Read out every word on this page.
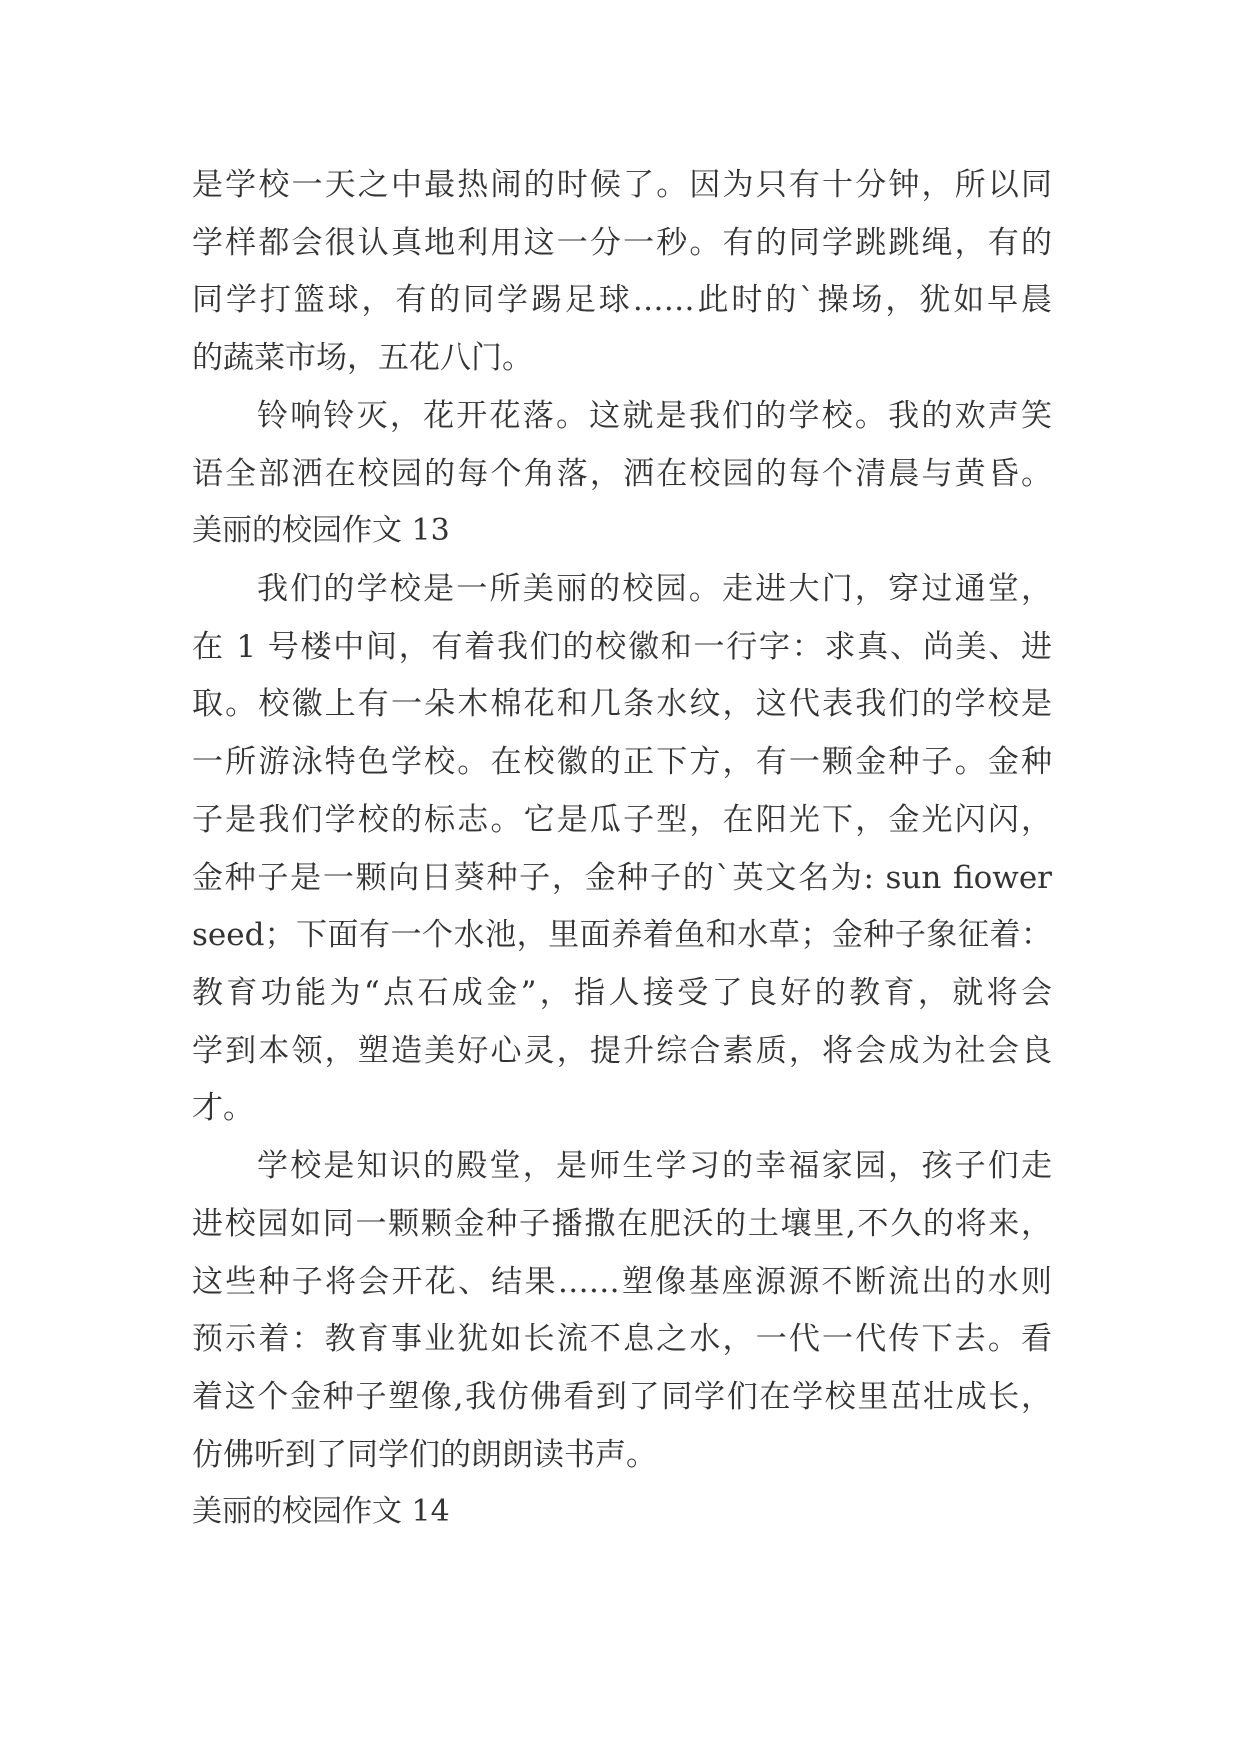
是学校一天之中最热闹的时候了。因为只有十分钟，所以同

学样都会很认真地利用这一分一秒。有的同学跳跳绳，有的

同学打篮球，有的同学踢足球……此时的`操场，犹如早晨

的蔬菜市场，五花八门。

铃响铃灭，花开花落。这就是我们的学校。我的欢声笑

语全部洒在校园的每个角落，洒在校园的每个清晨与黄昏。

美丽的校园作文 13

我们的学校是一所美丽的校园。走进大门，穿过通堂，

在 1 号楼中间，有着我们的校徽和一行字：求真、尚美、进

取。校徽上有一朵木棉花和几条水纹，这代表我们的学校是

一所游泳特色学校。在校徽的正下方，有一颗金种子。金种

子是我们学校的标志。它是瓜子型，在阳光下，金光闪闪，

金种子是一颗向日葵种子，金种子的`英文名为: sun fiower

seed；下面有一个水池，里面养着鱼和水草；金种子象征着：

教育功能为“点石成金”，指人接受了良好的教育，就将会

学到本领，塑造美好心灵，提升综合素质，将会成为社会良

才。

学校是知识的殿堂，是师生学习的幸福家园，孩子们走

进校园如同一颗颗金种子播撒在肥沃的土壤里,不久的将来，

这些种子将会开花、结果……塑像基座源源不断流出的水则

预示着：教育事业犹如长流不息之水，一代一代传下去。看

着这个金种子塑像,我仿佛看到了同学们在学校里茁壮成长，

仿佛听到了同学们的朗朗读书声。

美丽的校园作文 14
